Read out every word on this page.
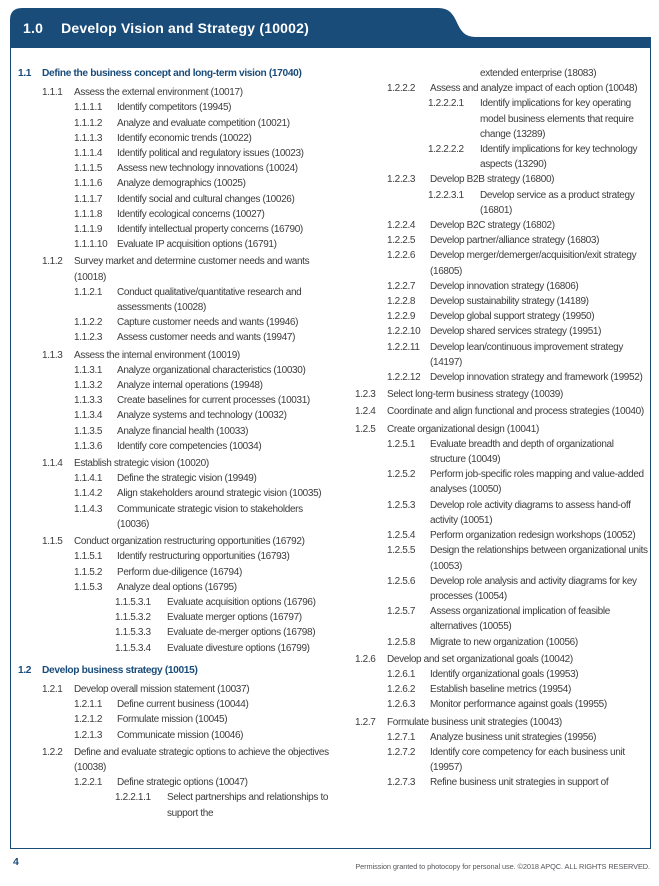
1.0 Develop Vision and Strategy (10002)
1.1 Define the business concept and long-term vision (17040)
1.1.1 Assess the external environment (10017)
1.1.1.1 Identify competitors (19945)
1.1.1.2 Analyze and evaluate competition (10021)
1.1.1.3 Identify economic trends (10022)
1.1.1.4 Identify political and regulatory issues (10023)
1.1.1.5 Assess new technology innovations (10024)
1.1.1.6 Analyze demographics (10025)
1.1.1.7 Identify social and cultural changes (10026)
1.1.1.8 Identify ecological concerns (10027)
1.1.1.9 Identify intellectual property concerns (16790)
1.1.1.10 Evaluate IP acquisition options (16791)
1.1.2 Survey market and determine customer needs and wants (10018)
1.1.2.1 Conduct qualitative/quantitative research and assessments (10028)
1.1.2.2 Capture customer needs and wants (19946)
1.1.2.3 Assess customer needs and wants (19947)
1.1.3 Assess the internal environment (10019)
1.1.3.1 Analyze organizational characteristics (10030)
1.1.3.2 Analyze internal operations (19948)
1.1.3.3 Create baselines for current processes (10031)
1.1.3.4 Analyze systems and technology (10032)
1.1.3.5 Analyze financial health (10033)
1.1.3.6 Identify core competencies (10034)
1.1.4 Establish strategic vision (10020)
1.1.4.1 Define the strategic vision (19949)
1.1.4.2 Align stakeholders around strategic vision (10035)
1.1.4.3 Communicate strategic vision to stakeholders (10036)
1.1.5 Conduct organization restructuring opportunities (16792)
1.1.5.1 Identify restructuring opportunities (16793)
1.1.5.2 Perform due-diligence (16794)
1.1.5.3 Analyze deal options (16795)
1.1.5.3.1 Evaluate acquisition options (16796)
1.1.5.3.2 Evaluate merger options (16797)
1.1.5.3.3 Evaluate de-merger options (16798)
1.1.5.3.4 Evaluate divesture options (16799)
1.2 Develop business strategy (10015)
1.2.1 Develop overall mission statement (10037)
1.2.1.1 Define current business (10044)
1.2.1.2 Formulate mission (10045)
1.2.1.3 Communicate mission (10046)
1.2.2 Define and evaluate strategic options to achieve the objectives (10038)
1.2.2.1 Define strategic options (10047)
1.2.2.1.1 Select partnerships and relationships to support the
extended enterprise (18083)
1.2.2.2 Assess and analyze impact of each option (10048)
1.2.2.2.1 Identify implications for key operating model business elements that require change (13289)
1.2.2.2.2 Identify implications for key technology aspects (13290)
1.2.2.3 Develop B2B strategy (16800)
1.2.2.3.1 Develop service as a product strategy (16801)
1.2.2.4 Develop B2C strategy (16802)
1.2.2.5 Develop partner/alliance strategy (16803)
1.2.2.6 Develop merger/demerger/acquisition/exit strategy (16805)
1.2.2.7 Develop innovation strategy (16806)
1.2.2.8 Develop sustainability strategy (14189)
1.2.2.9 Develop global support strategy (19950)
1.2.2.10 Develop shared services strategy (19951)
1.2.2.11 Develop lean/continuous improvement strategy (14197)
1.2.2.12 Develop innovation strategy and framework (19952)
1.2.3 Select long-term business strategy (10039)
1.2.4 Coordinate and align functional and process strategies (10040)
1.2.5 Create organizational design (10041)
1.2.5.1 Evaluate breadth and depth of organizational structure (10049)
1.2.5.2 Perform job-specific roles mapping and value-added analyses (10050)
1.2.5.3 Develop role activity diagrams to assess hand-off activity (10051)
1.2.5.4 Perform organization redesign workshops (10052)
1.2.5.5 Design the relationships between organizational units (10053)
1.2.5.6 Develop role analysis and activity diagrams for key processes (10054)
1.2.5.7 Assess organizational implication of feasible alternatives (10055)
1.2.5.8 Migrate to new organization (10056)
1.2.6 Develop and set organizational goals (10042)
1.2.6.1 Identify organizational goals (19953)
1.2.6.2 Establish baseline metrics (19954)
1.2.6.3 Monitor performance against goals (19955)
1.2.7 Formulate business unit strategies (10043)
1.2.7.1 Analyze business unit strategies (19956)
1.2.7.2 Identify core competency for each business unit (19957)
1.2.7.3 Refine business unit strategies in support of
4	Permission granted to photocopy for personal use. ©2018 APQC. ALL RIGHTS RESERVED.
